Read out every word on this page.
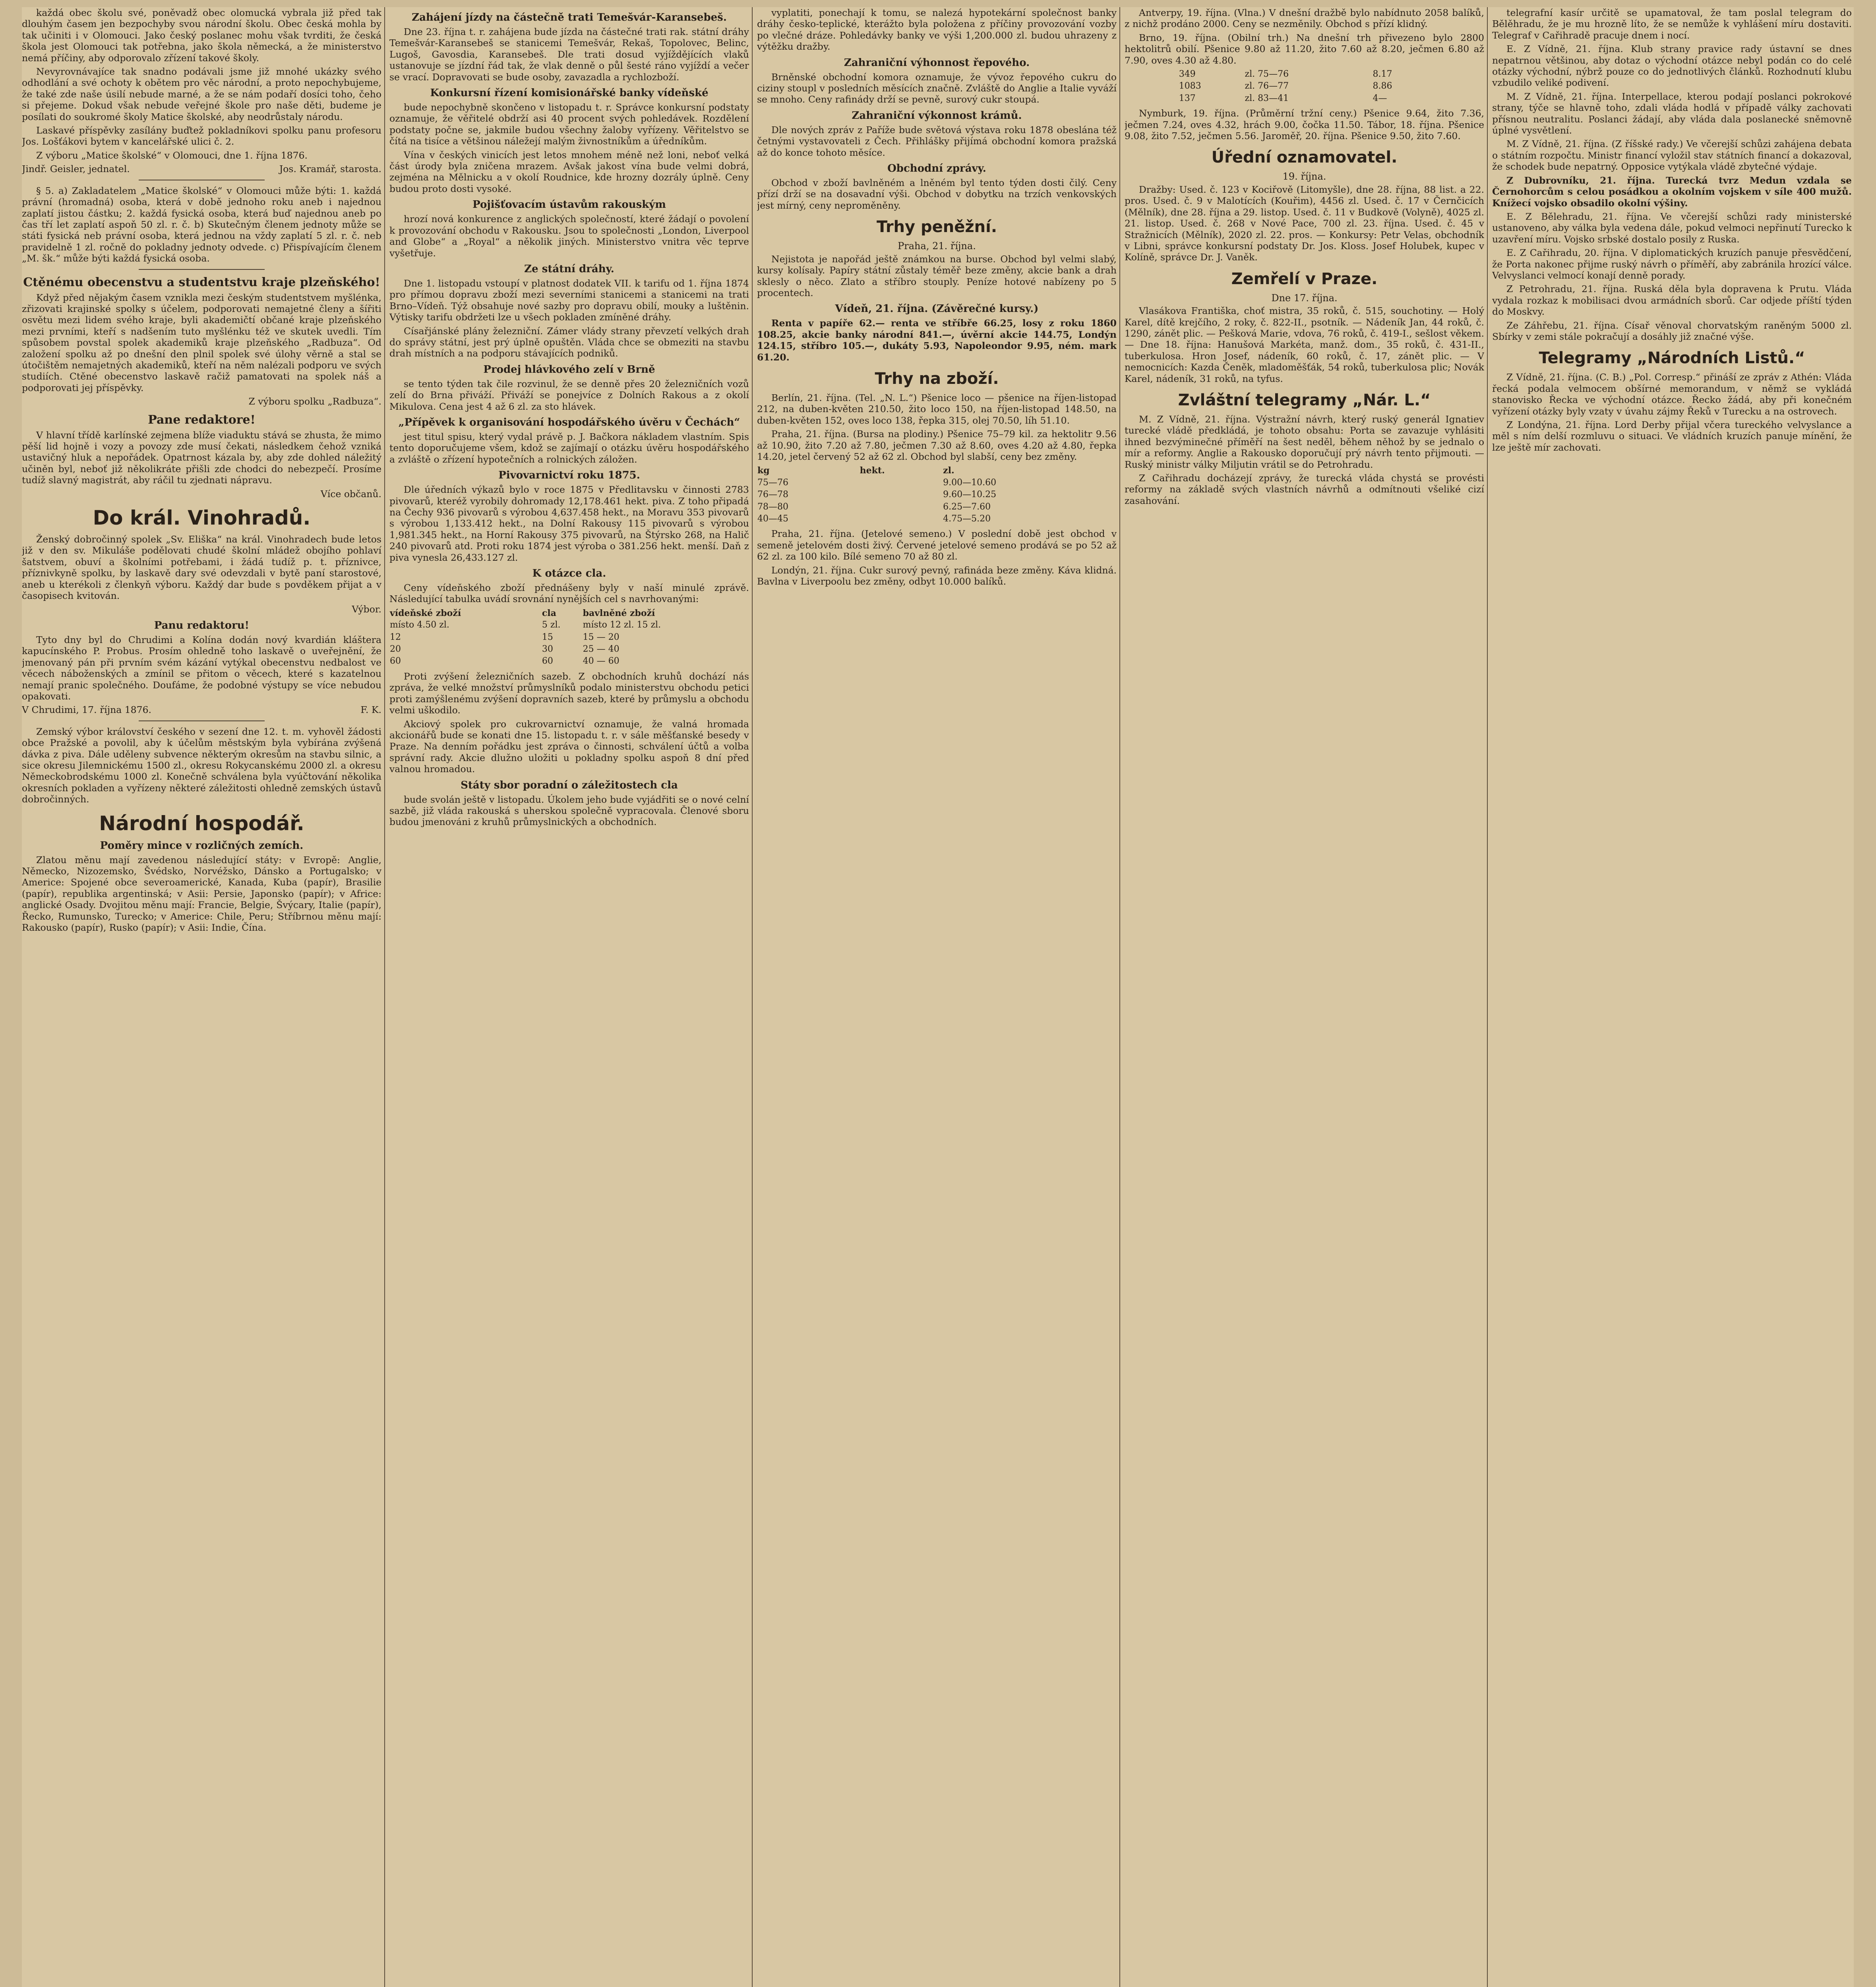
každá obec školu své, poněvadž obec olomucká vybrala již před tak dlouhým časem jen bezpochyby svou národní školu. Obec česká mohla by tak učiniti i v Olomouci. Jako český poslanec mohu však tvrditi, že česká škola jest Olomouci tak potřebna, jako škola německá, a že ministerstvo nemá příčiny, aby odporovalo zřízení takové školy.

Nevyrovnávajíce tak snadno podávali jsme již mnohé ukázky svého odhodlání a své ochoty k obětem pro věc národní, a proto nepochybujeme, že také zde naše úsilí nebude marné, a že se nám podaří dosíci toho, čeho si přejeme. Dokud však nebude veřejné škole pro naše děti, budeme je posílati do soukromé školy Matice školské, aby neodrůstaly národu.

Laskavé příspěvky zasílány buďtež pokladníkovi spolku panu profesoru Jos. Lošťákovi bytem v kancelářské ulici č. 2.

Z výboru „Matice školské“ v Olomouci, dne 1. října 1876.

Jindř. Geisler, jednatel.	Jos. Kramář, starosta.

§ 5. a) Zakladatelem „Matice školské“ v Olomouci může býti: 1. každá právní (hromadná) osoba, která v době jednoho roku aneb i najednou zaplatí jistou částku; 2. každá fysická osoba, která buď najednou aneb po čas tří let zaplatí aspoň 50 zl. r. č. b) Skutečným členem jednoty může se státi fysická neb právní osoba, která jednou na vždy zaplatí 5 zl. r. č. neb pravidelně 1 zl. ročně do pokladny jednoty odvede. c) Přispívajícím členem „M. šk.“ může býti každá fysická osoba.

Ctěnému obecenstvu a studentstvu kraje plzeňského!

Když před nějakým časem vznikla mezi českým studentstvem myšlénka, zřizovati krajinské spolky s účelem, podporovati nemajetné členy a šířiti osvětu mezi lidem svého kraje, byli akademičtí občané kraje plzeňského mezi prvními, kteří s nadšením tuto myšlénku též ve skutek uvedli. Tím spůsobem povstal spolek akademiků kraje plzeňského „Radbuza“. Od založení spolku až po dnešní den plnil spolek své úlohy věrně a stal se útočištěm nemajetných akademiků, kteří na něm nalézali podporu ve svých studiích. Ctěné obecenstvo laskavě račiž pamatovati na spolek náš a podporovati jej příspěvky.

Z výboru spolku „Radbuza“.
Pane redaktore!

V hlavní třídě karlínské zejmena blíže viaduktu stává se zhusta, že mimo pěší lid hojně i vozy a povozy zde musí čekati, následkem čehož vzniká ustavičný hluk a nepořádek. Opatrnost kázala by, aby zde dohled náležitý učiněn byl, neboť již několikráte přišli zde chodci do nebezpečí. Prosíme tudíž slavný magistrát, aby ráčil tu zjednati nápravu.

Více občanů.
Do král. Vinohradů.

Ženský dobročinný spolek „Sv. Eliška“ na král. Vinohradech bude letos již v den sv. Mikuláše podělovati chudé školní mládež obojího pohlaví šatstvem, obuví a školními potřebami, i žádá tudíž p. t. příznivce, příznivkyně spolku, by laskavě dary své odevzdali v bytě paní starostové, aneb u kterékoli z členkyň výboru. Každý dar bude s povděkem přijat a v časopisech kvitován.

Výbor.
Panu redaktoru!

Tyto dny byl do Chrudimi a Kolína dodán nový kvardián kláštera kapucínského P. Probus. Prosím ohledně toho laskavě o uveřejnění, že jmenovaný pán při prvním svém kázání vytýkal obecenstvu nedbalost ve věcech náboženských a zmínil se přitom o věcech, které s kazatelnou nemají pranic společného. Doufáme, že podobné výstupy se více nebudou opakovati.

V Chrudimi, 17. října 1876.	F. K.

Zemský výbor království českého v sezení dne 12. t. m. vyhověl žádosti obce Pražské a povolil, aby k účelům městským byla vybírána zvýšená dávka z piva. Dále uděleny subvence některým okresům na stavbu silnic, a sice okresu Jilemnickému 1500 zl., okresu Rokycanskému 2000 zl. a okresu Německobrodskému 1000 zl. Konečně schválena byla vyúčtování několika okresních pokladen a vyřízeny některé záležitosti ohledně zemských ústavů dobročinných.

Národní hospodář.
Poměry mince v rozličných zemích.

Zlatou měnu mají zavedenou následující státy: v Evropě: Anglie, Německo, Nizozemsko, Švédsko, Norvéžsko, Dánsko a Portugalsko; v Americe: Spojené obce severoamerické, Kanada, Kuba (papír), Brasilie (papír), republika argentinská; v Asii: Persie, Japonsko (papír); v Africe: anglické Osady. Dvojitou měnu mají: Francie, Belgie, Švýcary, Italie (papír), Řecko, Rumunsko, Turecko; v Americe: Chile, Peru; Stříbrnou měnu mají: Rakousko (papír), Rusko (papír); v Asii: Indie, Čína.

Zahájení jízdy na částečně trati Temešvár-Karansebeš.

Dne 23. října t. r. zahájena bude jízda na částečné trati rak. státní dráhy Temešvár-Karansebeš se stanicemi Temešvár, Rekaš, Topolovec, Belinc, Lugoš, Gavosdia, Karansebeš. Dle trati dosud vyjíždějících vlaků ustanovuje se jízdní řád tak, že vlak denně o půl šesté ráno vyjíždí a večer se vrací. Dopravovati se bude osoby, zavazadla a rychlozboží.

Konkursní řízení komisionářské banky vídeňské

bude nepochybně skončeno v listopadu t. r. Správce konkursní podstaty oznamuje, že věřitelé obdrží asi 40 procent svých pohledávek. Rozdělení podstaty počne se, jakmile budou všechny žaloby vyřízeny. Věřitelstvo se čítá na tisíce a většinou náležejí malým živnostníkům a úředníkům.

Vína v českých vinicích jest letos mnohem méně než loni, neboť velká část úrody byla zničena mrazem. Avšak jakost vína bude velmi dobrá, zejména na Mělnicku a v okolí Roudnice, kde hrozny dozrály úplně. Ceny budou proto dosti vysoké.

Pojišťovacím ústavům rakouským

hrozí nová konkurence z anglických společností, které žádají o povolení k provozování obchodu v Rakousku. Jsou to společnosti „London, Liverpool and Globe“ a „Royal“ a několik jiných. Ministerstvo vnitra věc teprve vyšetřuje.

Ze státní dráhy.

Dne 1. listopadu vstoupí v platnost dodatek VII. k tarifu od 1. října 1874 pro přímou dopravu zboží mezi severními stanicemi a stanicemi na trati Brno–Vídeň. Týž obsahuje nové sazby pro dopravu obilí, mouky a luštěnin. Výtisky tarifu obdržeti lze u všech pokladen zmíněné dráhy.

Císařjánské plány železniční. Zámer vlády strany převzetí velkých drah do správy státní, jest prý úplně opuštěn. Vláda chce se obmeziti na stavbu drah místních a na podporu stávajících podniků.

Prodej hlávkového zelí v Brně

se tento týden tak čile rozvinul, že se denně přes 20 železničních vozů zelí do Brna přiváží. Přiváží se ponejvíce z Dolních Rakous a z okolí Mikulova. Cena jest 4 až 6 zl. za sto hlávek.

„Přípěvek k organisování hospodářského úvěru v Čechách“

jest titul spisu, který vydal právě p. J. Bačkora nákladem vlastním. Spis tento doporučujeme všem, kdož se zajímají o otázku úvěru hospodářského a zvláště o zřízení hypotečních a rolnických záložen.

Pivovarnictví roku 1875.

Dle úředních výkazů bylo v roce 1875 v Předlitavsku v činnosti 2783 pivovarů, kteréž vyrobily dohromady 12,178.461 hekt. piva. Z toho připadá na Čechy 936 pivovarů s výrobou 4,637.458 hekt., na Moravu 353 pivovarů s výrobou 1,133.412 hekt., na Dolní Rakousy 115 pivovarů s výrobou 1,981.345 hekt., na Horní Rakousy 375 pivovarů, na Štýrsko 268, na Halič 240 pivovarů atd. Proti roku 1874 jest výroba o 381.256 hekt. menší. Daň z piva vynesla 26,433.127 zl.

K otázce cla.

Ceny vídeňského zboží přednášeny byly v naší minulé zprávě. Následující tabulka uvádí srovnání nynějších cel s navrhovanými:

vídeňské zboží	cla	bavlněné zboží
místo 4.50 zl.	5 zl.	místo 12 zl. 15 zl.
12	15	15 — 20
20	30	25 — 40
60	60	40 — 60

Proti zvýšení železničních sazeb. Z obchodních kruhů dochází nás zpráva, že velké množství průmyslníků podalo ministerstvu obchodu petici proti zamýšlenému zvýšení dopravních sazeb, které by průmyslu a obchodu velmi uškodilo.

Akciový spolek pro cukrovarnictví oznamuje, že valná hromada akcionářů bude se konati dne 15. listopadu t. r. v sále měšťanské besedy v Praze. Na denním pořádku jest zpráva o činnosti, schválení účtů a volba správní rady. Akcie dlužno uložiti u pokladny spolku aspoň 8 dní před valnou hromadou.

Státy sbor poradní o záležitostech cla

bude svolán ještě v listopadu. Úkolem jeho bude vyjádřiti se o nové celní sazbě, již vláda rakouská s uherskou společně vypracovala. Členové sboru budou jmenováni z kruhů průmyslnických a obchodních.

vyplatiti, ponechají k tomu, se nalezá hypotekární společnost banky dráhy česko-teplické, kterážto byla položena z příčiny provozování vozby po vlečné dráze. Pohledávky banky ve výši 1,200.000 zl. budou uhrazeny z výtěžku dražby.

Zahraniční výhonnost řepového.

Brněnské obchodní komora oznamuje, že vývoz řepového cukru do ciziny stoupl v posledních měsících značně. Zvláště do Anglie a Italie vyváží se mnoho. Ceny rafinády drží se pevně, surový cukr stoupá.

Zahraniční výkonnost krámů.

Dle nových zpráv z Paříže bude světová výstava roku 1878 obeslána též četnými vystavovateli z Čech. Přihlášky přijímá obchodní komora pražská až do konce tohoto měsíce.

Obchodní zprávy.

Obchod v zboží bavlněném a lněném byl tento týden dosti čilý. Ceny přízí drží se na dosavadní výši. Obchod v dobytku na trzích venkovských jest mírný, ceny neproměněny.

Trhy peněžní.
Praha, 21. října.

Nejistota je napořád ještě známkou na burse. Obchod byl velmi slabý, kursy kolísaly. Papíry státní zůstaly téměř beze změny, akcie bank a drah sklesly o něco. Zlato a stříbro stouply. Peníze hotové nabízeny po 5 procentech.

Vídeň, 21. října. (Závěrečné kursy.)

Renta v papíře 62.— renta ve stříbře 66.25, losy z roku 1860 108.25, akcie banky národní 841.—, úvěrní akcie 144.75, Londýn 124.15, stříbro 105.—, dukáty 5.93, Napoleondor 9.95, ném. mark 61.20.

Trhy na zboží.

Berlín, 21. října. (Tel. „N. L.“) Pšenice loco — pšenice na říjen-listopad 212, na duben-květen 210.50, žito loco 150, na říjen-listopad 148.50, na duben-květen 152, oves loco 138, řepka 315, olej 70.50, líh 51.10.

Praha, 21. října. (Bursa na plodiny.) Pšenice 75–79 kil. za hektolitr 9.56 až 10.90, žito 7.20 až 7.80, ječmen 7.30 až 8.60, oves 4.20 až 4.80, řepka 14.20, jetel červený 52 až 62 zl. Obchod byl slabší, ceny bez změny.

kg	hekt.	zl.
75—76		9.00—10.60
76—78		9.60—10.25
78—80		6.25—7.60
40—45		4.75—5.20

Praha, 21. října. (Jetelové semeno.) V poslední době jest obchod v semeně jetelovém dosti živý. Červené jetelové semeno prodává se po 52 až 62 zl. za 100 kilo. Bílé semeno 70 až 80 zl.

Londýn, 21. října. Cukr surový pevný, rafináda beze změny. Káva klidná. Bavlna v Liverpoolu bez změny, odbyt 10.000 balíků.

Antverpy, 19. října. (Vlna.) V dnešní dražbě bylo nabídnuto 2058 balíků, z nichž prodáno 2000. Ceny se nezměnily. Obchod s přízí klidný.

Brno, 19. října. (Obilní trh.) Na dnešní trh přivezeno bylo 2800 hektolitrů obilí. Pšenice 9.80 až 11.20, žito 7.60 až 8.20, ječmen 6.80 až 7.90, oves 4.30 až 4.80.

349	zl. 75—76	8.17
1083	zl. 76—77	8.86
137	zl. 83—41	4—

Nymburk, 19. října. (Průměrní tržní ceny.) Pšenice 9.64, žito 7.36, ječmen 7.24, oves 4.32, hrách 9.00, čočka 11.50. Tábor, 18. října. Pšenice 9.08, žito 7.52, ječmen 5.56. Jaroměř, 20. října. Pšenice 9.50, žito 7.60.

Úřední oznamovatel.
19. října.

Dražby: Used. č. 123 v Kociřově (Litomyšle), dne 28. října, 88 list. a 22. pros. Used. č. 9 v Malotících (Kouřim), 4456 zl. Used. č. 17 v Černčicích (Mělník), dne 28. října a 29. listop. Used. č. 11 v Budkově (Volyně), 4025 zl. 21. listop. Used. č. 268 v Nové Pace, 700 zl. 23. října. Used. č. 45 v Stražnicích (Mělník), 2020 zl. 22. pros. — Konkursy: Petr Velas, obchodník v Libni, správce konkursní podstaty Dr. Jos. Kloss. Josef Holubek, kupec v Kolíně, správce Dr. J. Vaněk.

Zemřelí v Praze.
Dne 17. října.

Vlasákova Františka, choť mistra, 35 roků, č. 515, souchotiny. — Holý Karel, dítě krejčího, 2 roky, č. 822-II., psotník. — Nádeník Jan, 44 roků, č. 1290, zánět plic. — Pešková Marie, vdova, 76 roků, č. 419-I., sešlost věkem. — Dne 18. října: Hanušová Markéta, manž. dom., 35 roků, č. 431-II., tuberkulosa. Hron Josef, nádeník, 60 roků, č. 17, zánět plic. — V nemocnicích: Kazda Čeněk, mladoměšťák, 54 roků, tuberkulosa plic; Novák Karel, nádeník, 31 roků, na tyfus.

Zvláštní telegramy „Nár. L.“

M. Z Vídně, 21. října. Výstražní návrh, který ruský generál Ignatiev turecké vládě předkládá, je tohoto obsahu: Porta se zavazuje vyhlásiti ihned bezvýminečné příměří na šest neděl, během něhož by se jednalo o mír a reformy. Anglie a Rakousko doporučují prý návrh tento přijmouti. — Ruský ministr války Miljutin vrátil se do Petrohradu.

Z Cařihradu docházejí zprávy, že turecká vláda chystá se provésti reformy na základě svých vlastních návrhů a odmítnouti všeliké cizí zasahování.

telegrafní kasír určitě se upamatoval, že tam poslal telegram do Bělěhradu, že je mu hrozně líto, že se nemůže k vyhlášení míru dostaviti. Telegraf v Cařihradě pracuje dnem i nocí.

E. Z Vídně, 21. října. Klub strany pravice rady ústavní se dnes nepatrnou většinou, aby dotaz o východní otázce nebyl podán co do celé otázky východní, nýbrž pouze co do jednotlivých článků. Rozhodnutí klubu vzbudilo veliké podivení.

M. Z Vídně, 21. října. Interpellace, kterou podají poslanci pokrokové strany, týče se hlavně toho, zdali vláda hodlá v případě války zachovati přísnou neutralitu. Poslanci žádají, aby vláda dala poslanecké sněmovně úplné vysvětlení.

M. Z Vídně, 21. října. (Z říšské rady.) Ve včerejší schůzi zahájena debata o státním rozpočtu. Ministr financí vyložil stav státních financí a dokazoval, že schodek bude nepatrný. Opposice vytýkala vládě zbytečné výdaje.

Z Dubrovníku, 21. října. Turecká tvrz Medun vzdala se Černohorcům s celou posádkou a okolním vojskem v síle 400 mužů. Knížecí vojsko obsadilo okolní výšiny.

E. Z Bělehradu, 21. října. Ve včerejší schůzi rady ministerské ustanoveno, aby válka byla vedena dále, pokud velmoci nepřinutí Turecko k uzavření míru. Vojsko srbské dostalo posily z Ruska.

E. Z Cařihradu, 20. října. V diplomatických kruzích panuje přesvědčení, že Porta nakonec přijme ruský návrh o příměří, aby zabránila hrozící válce. Velvyslanci velmocí konají denně porady.

Z Petrohradu, 21. října. Ruská děla byla dopravena k Prutu. Vláda vydala rozkaz k mobilisaci dvou armádních sborů. Car odjede příští týden do Moskvy.

Ze Záhřebu, 21. října. Císař věnoval chorvatským raněným 5000 zl. Sbírky v zemi stále pokračují a dosáhly již značné výše.

Telegramy „Národních Listů.“

Z Vídně, 21. října. (C. B.) „Pol. Corresp.“ přináší ze zpráv z Athén: Vláda řecká podala velmocem obšírné memorandum, v němž se vykládá stanovisko Řecka ve východní otázce. Řecko žádá, aby při konečném vyřízení otázky byly vzaty v úvahu zájmy Řeků v Turecku a na ostrovech.

Z Londýna, 21. října. Lord Derby přijal včera tureckého velvyslance a měl s ním delší rozmluvu o situaci. Ve vládních kruzích panuje mínění, že lze ještě mír zachovati.
